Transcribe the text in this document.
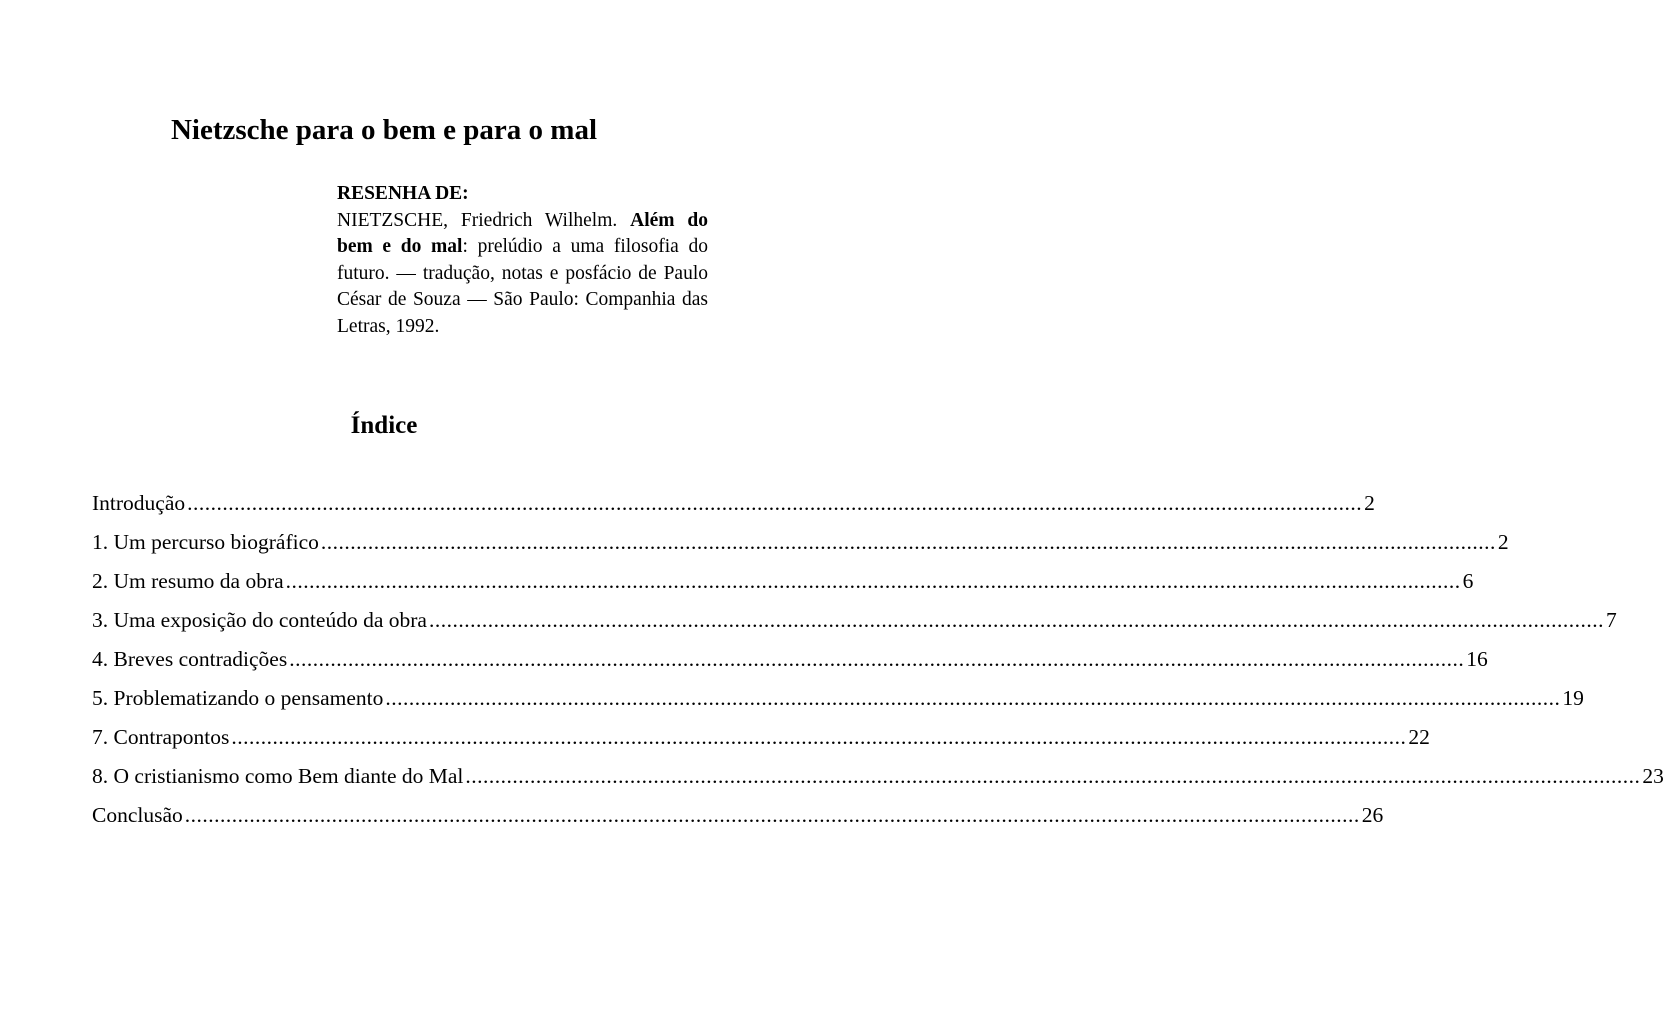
Nietzsche para o bem e para o mal
RESENHA DE:
NIETZSCHE, Friedrich Wilhelm. Além do bem e do mal: prelúdio a uma filosofia do futuro. — tradução, notas e posfácio de Paulo César de Souza — São Paulo: Companhia das Letras, 1992.
Índice
Introdução ........................................................................................................................................................................................................ 2
1. Um percurso biográfico ........................................................................................................................................................................................................ 2
2. Um resumo da obra ........................................................................................................................................................................................................ 6
3. Uma exposição do conteúdo da obra ........................................................................................................................................................................................................ 7
4. Breves contradições ........................................................................................................................................................................................................ 16
5. Problematizando o pensamento ........................................................................................................................................................................................................ 19
7. Contrapontos ........................................................................................................................................................................................................ 22
8. O cristianismo como Bem diante do Mal ........................................................................................................................................................................................................ 23
Conclusão ........................................................................................................................................................................................................ 26
